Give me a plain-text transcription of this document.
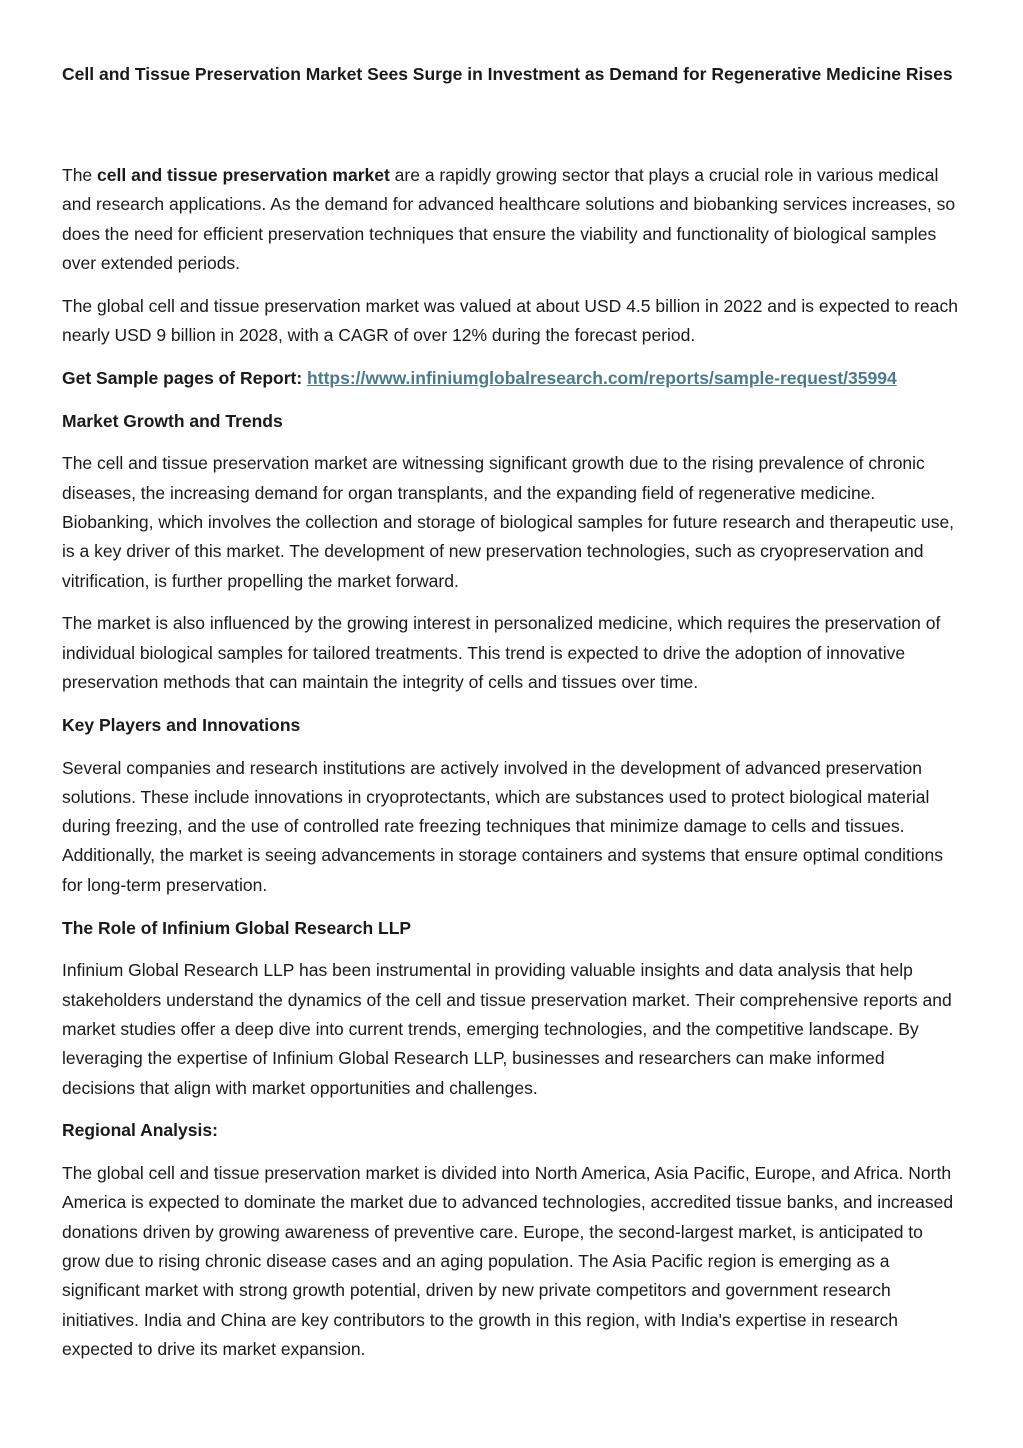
Cell and Tissue Preservation Market Sees Surge in Investment as Demand for Regenerative Medicine Rises

The cell and tissue preservation market are a rapidly growing sector that plays a crucial role in various medical and research applications. As the demand for advanced healthcare solutions and biobanking services increases, so does the need for efficient preservation techniques that ensure the viability and functionality of biological samples over extended periods.

The global cell and tissue preservation market was valued at about USD 4.5 billion in 2022 and is expected to reach nearly USD 9 billion in 2028, with a CAGR of over 12% during the forecast period.

Get Sample pages of Report: https://www.infiniumglobalresearch.com/reports/sample-request/35994

Market Growth and Trends

The cell and tissue preservation market are witnessing significant growth due to the rising prevalence of chronic diseases, the increasing demand for organ transplants, and the expanding field of regenerative medicine. Biobanking, which involves the collection and storage of biological samples for future research and therapeutic use, is a key driver of this market. The development of new preservation technologies, such as cryopreservation and vitrification, is further propelling the market forward.

The market is also influenced by the growing interest in personalized medicine, which requires the preservation of individual biological samples for tailored treatments. This trend is expected to drive the adoption of innovative preservation methods that can maintain the integrity of cells and tissues over time.

Key Players and Innovations

Several companies and research institutions are actively involved in the development of advanced preservation solutions. These include innovations in cryoprotectants, which are substances used to protect biological material during freezing, and the use of controlled rate freezing techniques that minimize damage to cells and tissues. Additionally, the market is seeing advancements in storage containers and systems that ensure optimal conditions for long-term preservation.

The Role of Infinium Global Research LLP

Infinium Global Research LLP has been instrumental in providing valuable insights and data analysis that help stakeholders understand the dynamics of the cell and tissue preservation market. Their comprehensive reports and market studies offer a deep dive into current trends, emerging technologies, and the competitive landscape. By leveraging the expertise of Infinium Global Research LLP, businesses and researchers can make informed decisions that align with market opportunities and challenges.

Regional Analysis:

The global cell and tissue preservation market is divided into North America, Asia Pacific, Europe, and Africa. North America is expected to dominate the market due to advanced technologies, accredited tissue banks, and increased donations driven by growing awareness of preventive care. Europe, the second-largest market, is anticipated to grow due to rising chronic disease cases and an aging population. The Asia Pacific region is emerging as a significant market with strong growth potential, driven by new private competitors and government research initiatives. India and China are key contributors to the growth in this region, with India's expertise in research expected to drive its market expansion.
